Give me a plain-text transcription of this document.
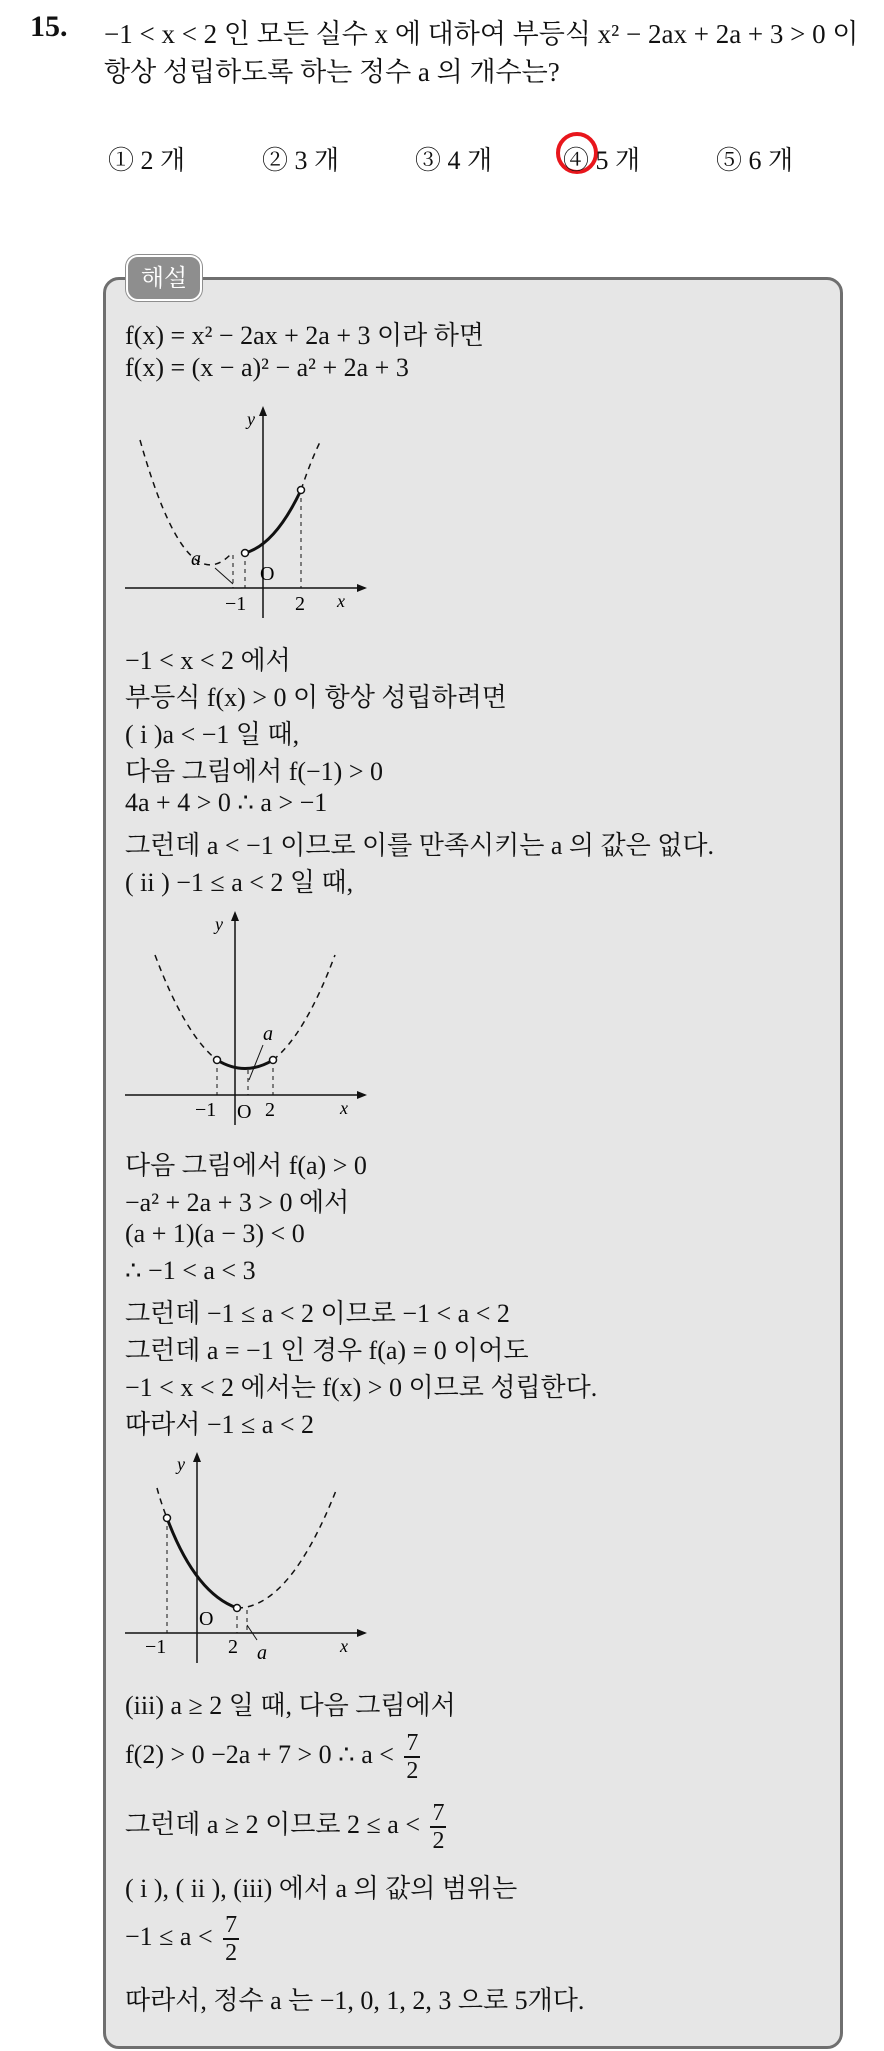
15. −1 < x < 2 인 모든 실수 x 에 대하여 부등식 x² − 2ax + 2a + 3 > 0 이
항상 성립하도록 하는 정수 a 의 개수는?
① 2 개	② 3 개	③ 4 개	④ 5 개	⑤ 6 개
해설
f(x) = x² − 2ax + 2a + 3 이라 하면
f(x) = (x − a)² − a² + 2a + 3
y
x
O
−1 2
a
−1 < x < 2 에서
부등식 f(x) > 0 이 항상 성립하려면
( i )a < −1 일 때,
다음 그림에서 f(−1) > 0
4a + 4 > 0 ∴ a > −1
그런데 a < −1 이므로 이를 만족시키는 a 의 값은 없다.
( ii ) −1 ≤ a < 2 일 때,
y
x
O
−1 2
a
다음 그림에서 f(a) > 0
−a² + 2a + 3 > 0 에서
(a + 1)(a − 3) < 0
∴ −1 < a < 3
그런데 −1 ≤ a < 2 이므로 −1 < a < 2
그런데 a = −1 인 경우 f(a) = 0 이어도
−1 < x < 2 에서는 f(x) > 0 이므로 성립한다.
따라서 −1 ≤ a < 2
y
x
O
−1	2 a
(iii) a ≥ 2 일 때, 다음 그림에서
f(2) > 0 −2a + 7 > 0 ∴ $a < \frac{7}{2}$
그런데 a ≥ 2 이므로 $2 \le a < \frac{7}{2}$
( i ), ( ii ), (iii) 에서 a 의 값의 범위는
$-1 \le a < \frac{7}{2}$
따라서, 정수 a 는 −1, 0, 1, 2, 3 으로 5개다.
